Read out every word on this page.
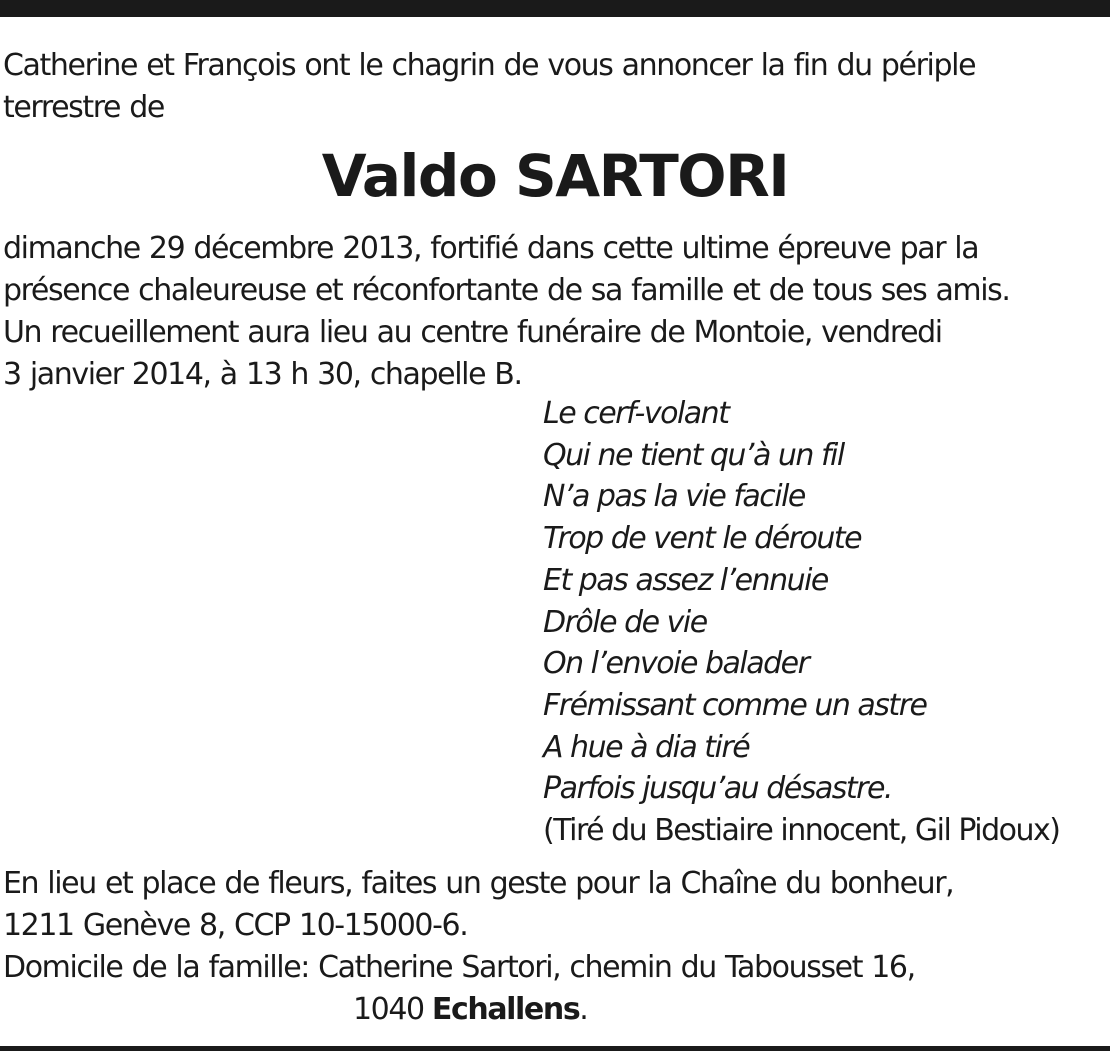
Catherine et François ont le chagrin de vous annoncer la fin du périple
terrestre de

Valdo SARTORI

dimanche 29 décembre 2013, fortifié dans cette ultime épreuve par la
présence chaleureuse et réconfortante de sa famille et de tous ses amis.
Un recueillement aura lieu au centre funéraire de Montoie, vendredi
3 janvier 2014, à 13 h 30, chapelle B.

Le cerf-volant
Qui ne tient qu’à un fil
N’a pas la vie facile
Trop de vent le déroute
Et pas assez l’ennuie
Drôle de vie
On l’envoie balader
Frémissant comme un astre
A hue à dia tiré
Parfois jusqu’au désastre.
(Tiré du Bestiaire innocent, Gil Pidoux)

En lieu et place de fleurs, faites un geste pour la Chaîne du bonheur,
1211 Genève 8, CCP 10-15000-6.
Domicile de la famille: Catherine Sartori, chemin du Tabousset 16,

1040 Echallens.
